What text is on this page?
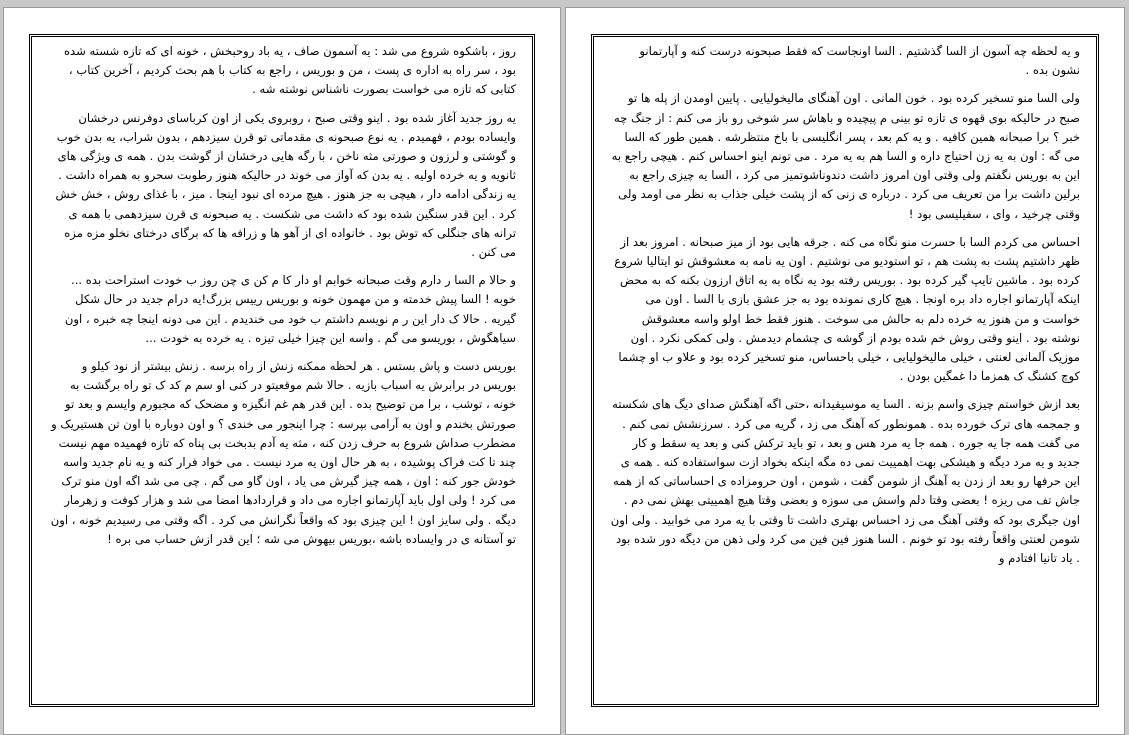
روز ، باشکوه شروع می شد : یه آسمون صاف ، یه باد روحبخش ، خونه ای که تازه شسته شده بود ، سر راه به اداره ی پست ، من و بوریس ، راجع به کتاب با هم بحث کردیم ، آخرین کتاب ، کتابی که تازه می خواست بصورت ناشناس نوشته شه .

یه روز جدید آغاز شده بود . اینو وقتی صبح ، روبروی یکی از اون کرباسای دوفرنس درخشان وایساده بودم ، فهمیدم . یه نوع صبحونه ی مقدماتی تو قرن سیزدهم ، بدون شراب، یه بدن خوب و گوشتی و لرزون و صورتی مثه ناخن ، با رگه هایی درخشان از گوشت بدن . همه ی ویژگی های ثانویه و یه خرده اولیه . یه بدن که آواز می خوند در حالیکه هنوز رطوبت سحرو به همراه داشت . یه زندگی ادامه دار ، هیچی به جز هنوز . هیچ مرده ای نبود اینجا . میز ، با غذای روش ، خش خش کرد . این قدر سنگین شده بود که داشت می شکست . یه صبحونه ی قرن سیزدهمی با همه ی ترانه های جنگلی که توش بود . خانواده ای از آهو ها و زرافه ها که برگای درختای نخلو مزه مزه می کنن .

و حالا م السا ر دارم وقت صبحانه خوابم او دار کا م کن ی چن روز ب خودت استراحت بده ... خوبه ! السا پیش خدمته و من مهمون خونه و بوریس رییس بزرگ!یه درام جدید در حال شکل گیریه . حالا ک دار این ر م نویسم داشتم ب خود می خندیدم . این می دونه اینجا چه خبره ، اون سیاهگوش ، بوریسو می گم . واسه این چیزا خیلی تیزه . یه خرده به خودت ...

بوریس دست و پاش بستس . هر لحظه ممکنه زنش از راه برسه . زنش بیشتر از نود کیلو و بوریس در برابرش یه اسباب بازیه . حالا شم موقعیتو در کنی او سم م کد ک تو راه برگشت به خونه ، توشب ، برا من توضیح بده . این قدر هم غم انگیزه و مضحک که مجبورم وایسم و بعد تو صورتش بخندم و اون به آرامی بپرسه : چرا اینجور می خندی ؟ و اون دوباره با اون تن هستیریک و مضطرب صداش شروع به حرف زدن کنه ، مثه یه آدم بدبخت بی پناه که تازه فهمیده مهم نیست چند تا کت فراک پوشیده ، به هر حال اون یه مرد نیست . می خواد فرار کنه و یه نام جدید واسه خودش جور کنه : اون ، همه چیز گیرش می یاد ، اون گاو می گم . چی می شد اگه اون منو ترک می کرد ! ولی اول باید آپارتمانو اجاره می داد و قراردادها امضا می شد و هزار کوفت و زهرمار دیگه . ولی سایز اون ! این چیزی بود که واقعاً نگرانش می کرد . اگه وقتی می رسیدیم خونه ، اون تو آستانه ی در وایساده باشه ،بوریس بیهوش می شه ؛ این قدر ازش حساب می بره !

و یه لحظه چه آسون از السا گذشتیم . السا اونجاست که فقط صبحونه درست کنه و آپارتمانو نشون بده .

ولی السا منو تسخیر کرده بود . خون المانی . اون آهنگای مالیخولیایی . پایین اومدن از پله ها تو صبح در حالیکه بوی قهوه ی تازه تو بینی م پیچیده و باهاش سر شوخی رو باز می کنم : از جنگ چه خبر ؟ برا صبحانه همین کافیه . و یه کم بعد ، پسر انگلیسی با باخ منتظرشه . همین طور که السا می گه : اون به یه زن احتیاج داره و السا هم به یه مرد . می تونم اینو احساس کنم . هیچی راجع به این به بوریس نگفتم ولی وقتی اون امروز داشت دندوناشوتمیز می کرد ، السا یه چیزی راجع به برلین داشت برا من تعریف می کرد . درباره ی زنی که از پشت خیلی جذاب به نظر می اومد ولی وقتی چرخید ، وای ، سفیلیسی بود !

احساس می کردم السا با حسرت منو نگاه می کنه . جرقه هایی بود از میز صبحانه . امروز بعد از ظهر داشتیم پشت به پشت هم ، تو استودیو می نوشتیم . اون یه نامه به معشوقش تو ایتالیا شروع کرده بود . ماشین تایپ گیر کرده بود . بوریس رفته بود یه نگاه به یه اتاق ارزون بکنه که به محض اینکه آپارتمانو اجاره داد بره اونجا . هیچ کاری نمونده بود به جز عشق بازی با السا . اون می خواست و من هنوز یه خرده دلم به حالش می سوخت . هنوز فقط خط اولو واسه معشوقش نوشته بود . اینو وقتی روش خم شده بودم از گوشه ی چشمام دیدمش . ولی کمکی نکرد . اون موزیک آلمانی لعنتی ، خیلی مالیخولیایی ، خیلی باحساس، منو تسخیر کرده بود و علاو ب او چشما کوچ کشنگ ک همزما دا غمگین بودن .

بعد ازش خواستم چیزی واسم بزنه . السا یه موسیقیدانه ،حتی اگه آهنگش صدای دیگ های شکسته و جمجمه های ترک خورده بده . همونطور که آهنگ می زد ، گریه می کرد . سرزنشش نمی کنم . می گفت همه جا یه جوره . همه جا یه مرد هس و بعد ، تو باید ترکش کنی و بعد یه سقط و کار جدید و یه مرد دیگه و هیشکی بهت اهمییت نمی ده مگه اینکه بخواد ازت سواستفاده کنه . همه ی این حرفها رو بعد از زدن یه آهنگ از شومن گفت ، شومن ، اون حرومزاده ی احساساتی که از همه جاش تف می ریزه ! بعضی وقتا دلم واسش می سوزه و بعضی وقتا هیچ اهمییتی بهش نمی دم . اون جیگری بود که وقتی آهنگ می زد احساس بهتری داشت تا وقتی با یه مرد می خوابید . ولی اون شومن لعنتی واقعاً رفته بود تو خونم . السا هنوز فین فین می کرد ولی ذهن من دیگه دور شده بود . یاد تانیا افتادم و
